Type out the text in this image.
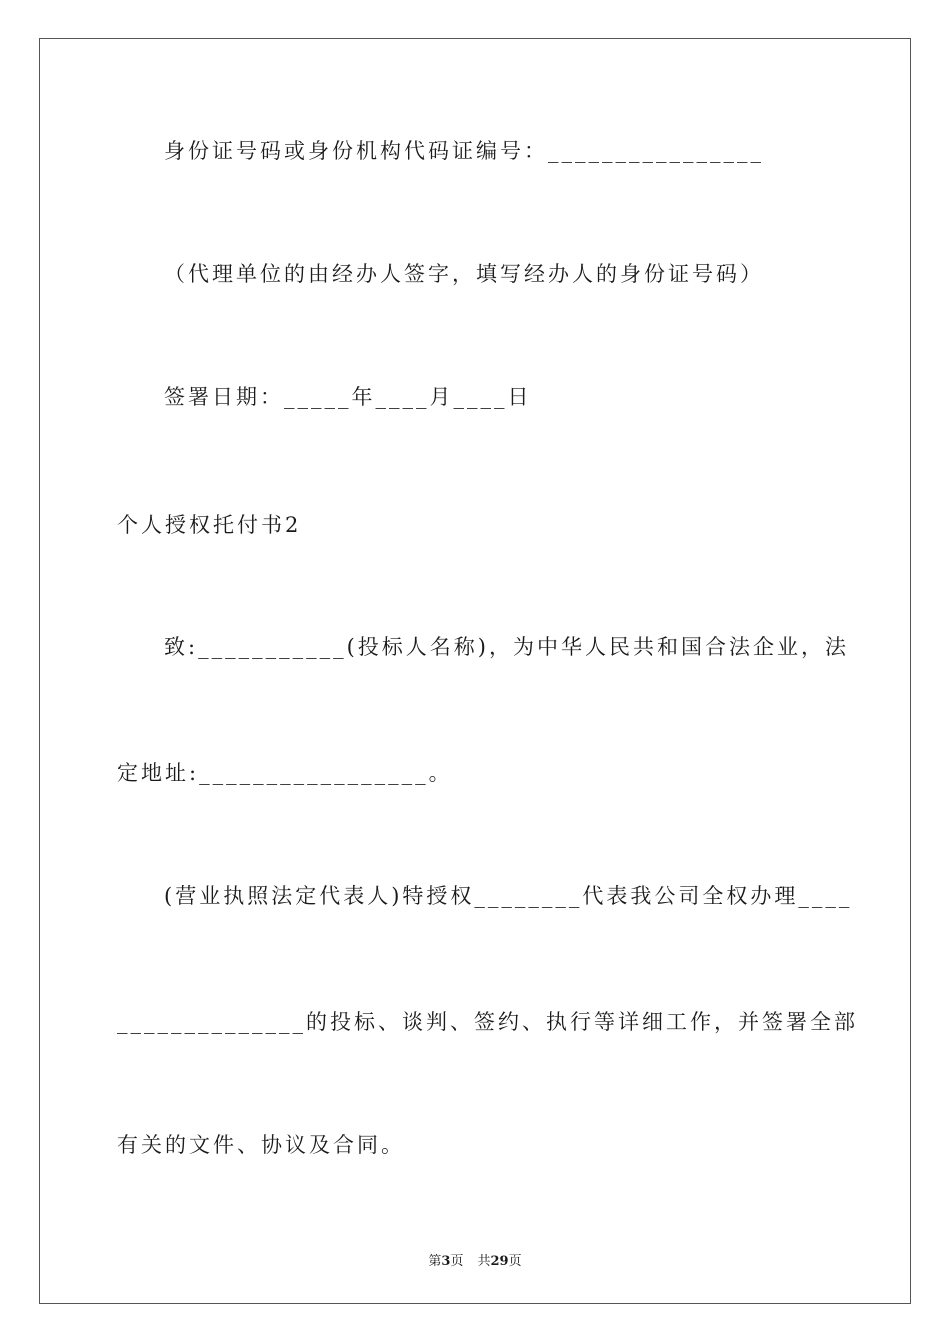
身份证号码或身份机构代码证编号：________________
（代理单位的由经办人签字，填写经办人的身份证号码）
签署日期：_____年____月____日
个人授权托付书2
致:___________(投标人名称)，为中华人民共和国合法企业，法
定地址:_________________。
(营业执照法定代表人)特授权________代表我公司全权办理____
______________的投标、谈判、签约、执行等详细工作，并签署全部
有关的文件、协议及合同。
第3页 共29页
